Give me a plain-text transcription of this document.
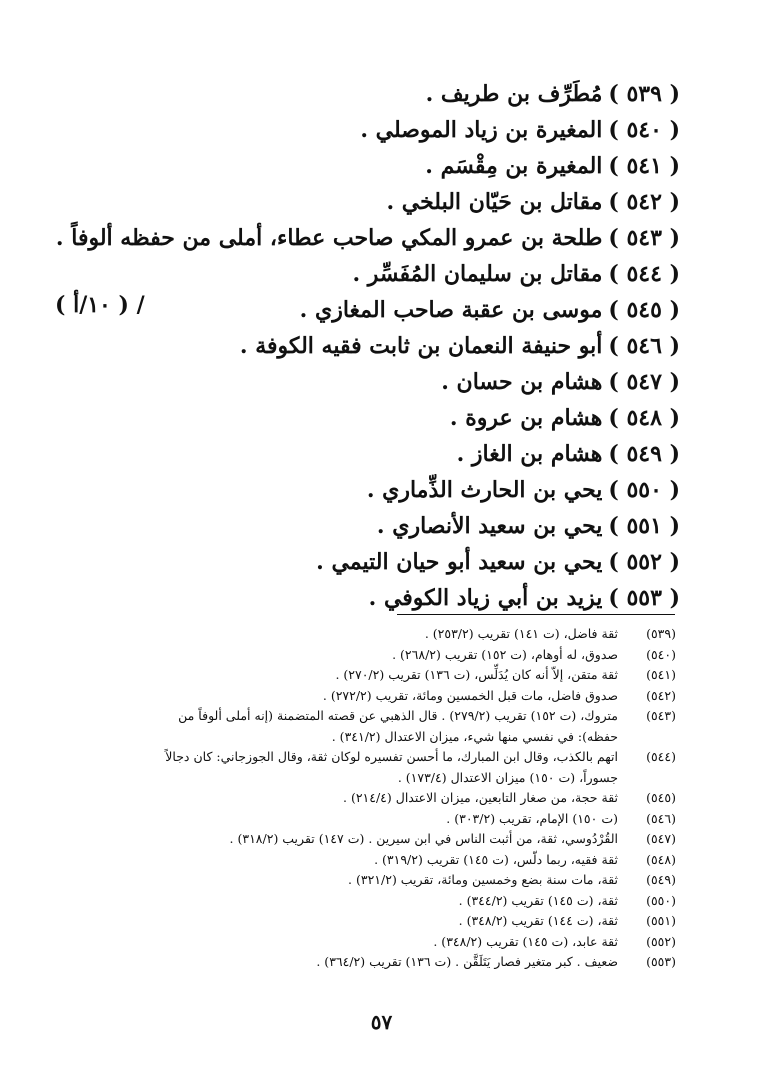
( ٥٣٩ )مُطَرِّف بن طريف .
( ٥٤٠ )المغيرة بن زياد الموصلي .
( ٥٤١ )المغيرة بن مِقْسَم .
( ٥٤٢ )مقاتل بن حَيّان البلخي .
( ٥٤٣ )طلحة بن عمرو المكي صاحب عطاء، أملى من حفظه ألوفاً .
( ٥٤٤ )مقاتل بن سليمان المُفَسِّر .
( ٥٤٥ )موسى بن عقبة صاحب المغازي .
( ٥٤٦ )أبو حنيفة النعمان بن ثابت فقيه الكوفة .
( ٥٤٧ )هشام بن حسان .
( ٥٤٨ )هشام بن عروة .
( ٥٤٩ )هشام بن الغاز .
( ٥٥٠ )يحي بن الحارث الذِّماري .
( ٥٥١ )يحي بن سعيد الأنصاري .
( ٥٥٢ )يحي بن سعيد أبو حيان التيمي .
( ٥٥٣ )يزيد بن أبي زياد الكوفي .
( ١٠/أ ) /
(٥٣٩)
ثقة فاضل، (ت ١٤١) تقريب (٢٥٣/٢) .
(٥٤٠)
صدوق، له أوهام، (ت ١٥٢) تقريب (٢٦٨/٢) .
(٥٤١)
ثقة متقن، إلاّ أنه كان يُدَلِّس، (ت ١٣٦) تقريب (٢٧٠/٢) .
(٥٤٢)
صدوق فاضل، مات قبل الخمسين ومائة، تقريب (٢٧٢/٢) .
(٥٤٣)
متروك، (ت ١٥٢) تقريب (٢٧٩/٢) . قال الذهبي عن قصته المتضمنة (إنه أملى ألوفاً من
حفظه): في نفسي منها شيء، ميزان الاعتدال (٣٤١/٢) .
(٥٤٤)
اتهم بالكذب، وقال ابن المبارك، ما أحسن تفسيره لوكان ثقة، وقال الجوزجاني: كان دجالاً
جسوراً، (ت ١٥٠) ميزان الاعتدال (١٧٣/٤) .
(٥٤٥)
ثقة حجة، من صغار التابعين، ميزان الاعتدال (٢١٤/٤) .
(٥٤٦)
(ت ١٥٠) الإمام، تقريب (٣٠٣/٢) .
(٥٤٧)
القُرْدُوسي، ثقة، من أثبت الناس في ابن سيرين . (ت ١٤٧) تقريب (٣١٨/٢) .
(٥٤٨)
ثقة فقيه، ربما دلّس، (ت ١٤٥) تقريب (٣١٩/٢) .
(٥٤٩)
ثقة، مات سنة بضع وخمسين ومائة، تقريب (٣٢١/٢) .
(٥٥٠)
ثقة، (ت ١٤٥) تقريب (٣٤٤/٢) .
(٥٥١)
ثقة، (ت ١٤٤) تقريب (٣٤٨/٢) .
(٥٥٢)
ثقة عابد، (ت ١٤٥) تقريب (٣٤٨/٢) .
(٥٥٣)
ضعيف . كبر متغير فصار يَتَلَقَّن . (ت ١٣٦) تقريب (٣٦٤/٢) .
٥٧
